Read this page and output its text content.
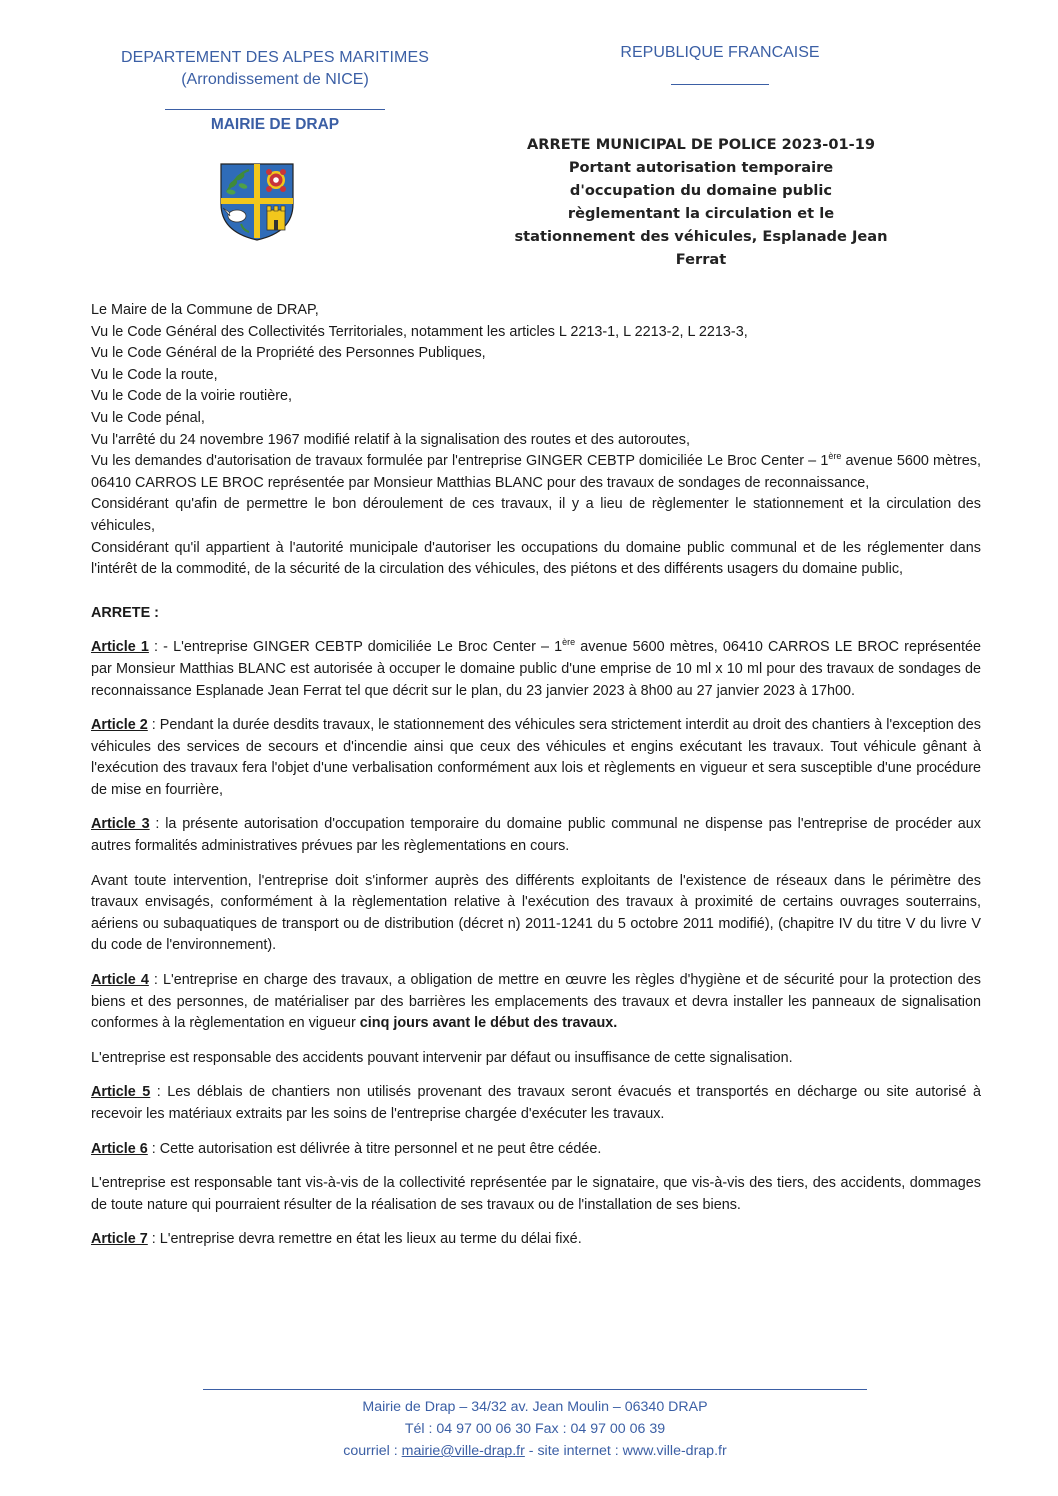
DEPARTEMENT DES ALPES MARITIMES
(Arrondissement de NICE)
MAIRIE DE DRAP
REPUBLIQUE FRANCAISE
ARRETE MUNICIPAL DE POLICE 2023-01-19
Portant autorisation temporaire
d'occupation du domaine public
règlementant la circulation et le
stationnement des véhicules, Esplanade Jean
Ferrat

Le Maire de la Commune de DRAP,

Vu le Code Général des Collectivités Territoriales, notamment les articles L 2213-1, L 2213-2, L 2213-3,

Vu le Code Général de la Propriété des Personnes Publiques,

Vu le Code la route,

Vu le Code de la voirie routière,

Vu le Code pénal,

Vu l'arrêté du 24 novembre 1967 modifié relatif à la signalisation des routes et des autoroutes,

Vu les demandes d'autorisation de travaux formulée par l'entreprise GINGER CEBTP domiciliée Le Broc Center – 1ère avenue 5600 mètres, 06410 CARROS LE BROC représentée par Monsieur Matthias BLANC pour des travaux de sondages de reconnaissance,

Considérant qu'afin de permettre le bon déroulement de ces travaux, il y a lieu de règlementer le stationnement et la circulation des véhicules,

Considérant qu'il appartient à l'autorité municipale d'autoriser les occupations du domaine public communal et de les réglementer dans l'intérêt de la commodité, de la sécurité de la circulation des véhicules, des piétons et des différents usagers du domaine public,

ARRETE :

Article 1 : - L'entreprise GINGER CEBTP domiciliée Le Broc Center – 1ère avenue 5600 mètres, 06410 CARROS LE BROC représentée par Monsieur Matthias BLANC est autorisée à occuper le domaine public d'une emprise de 10 ml x 10 ml pour des travaux de sondages de reconnaissance Esplanade Jean Ferrat tel que décrit sur le plan, du 23 janvier 2023 à 8h00 au 27 janvier 2023 à 17h00.

Article 2 : Pendant la durée desdits travaux, le stationnement des véhicules sera strictement interdit au droit des chantiers à l'exception des véhicules des services de secours et d'incendie ainsi que ceux des véhicules et engins exécutant les travaux. Tout véhicule gênant à l'exécution des travaux fera l'objet d'une verbalisation conformément aux lois et règlements en vigueur et sera susceptible d'une procédure de mise en fourrière,

Article 3 : la présente autorisation d'occupation temporaire du domaine public communal ne dispense pas l'entreprise de procéder aux autres formalités administratives prévues par les règlementations en cours.

Avant toute intervention, l'entreprise doit s'informer auprès des différents exploitants de l'existence de réseaux dans le périmètre des travaux envisagés, conformément à la règlementation relative à l'exécution des travaux à proximité de certains ouvrages souterrains, aériens ou subaquatiques de transport ou de distribution (décret n) 2011-1241 du 5 octobre 2011 modifié), (chapitre IV du titre V du livre V du code de l'environnement).

Article 4 : L'entreprise en charge des travaux, a obligation de mettre en œuvre les règles d'hygiène et de sécurité pour la protection des biens et des personnes, de matérialiser par des barrières les emplacements des travaux et devra installer les panneaux de signalisation conformes à la règlementation en vigueur cinq jours avant le début des travaux.

L'entreprise est responsable des accidents pouvant intervenir par défaut ou insuffisance de cette signalisation.

Article 5 : Les déblais de chantiers non utilisés provenant des travaux seront évacués et transportés en décharge ou site autorisé à recevoir les matériaux extraits par les soins de l'entreprise chargée d'exécuter les travaux.

Article 6 : Cette autorisation est délivrée à titre personnel et ne peut être cédée.

L'entreprise est responsable tant vis-à-vis de la collectivité représentée par le signataire, que vis-à-vis des tiers, des accidents, dommages de toute nature qui pourraient résulter de la réalisation de ses travaux ou de l'installation de ses biens.

Article 7 : L'entreprise devra remettre en état les lieux au terme du délai fixé.

Mairie de Drap – 34/32 av. Jean Moulin – 06340 DRAP
Tél : 04 97 00 06 30 Fax : 04 97 00 06 39
courriel : mairie@ville-drap.fr - site internet : www.ville-drap.fr
